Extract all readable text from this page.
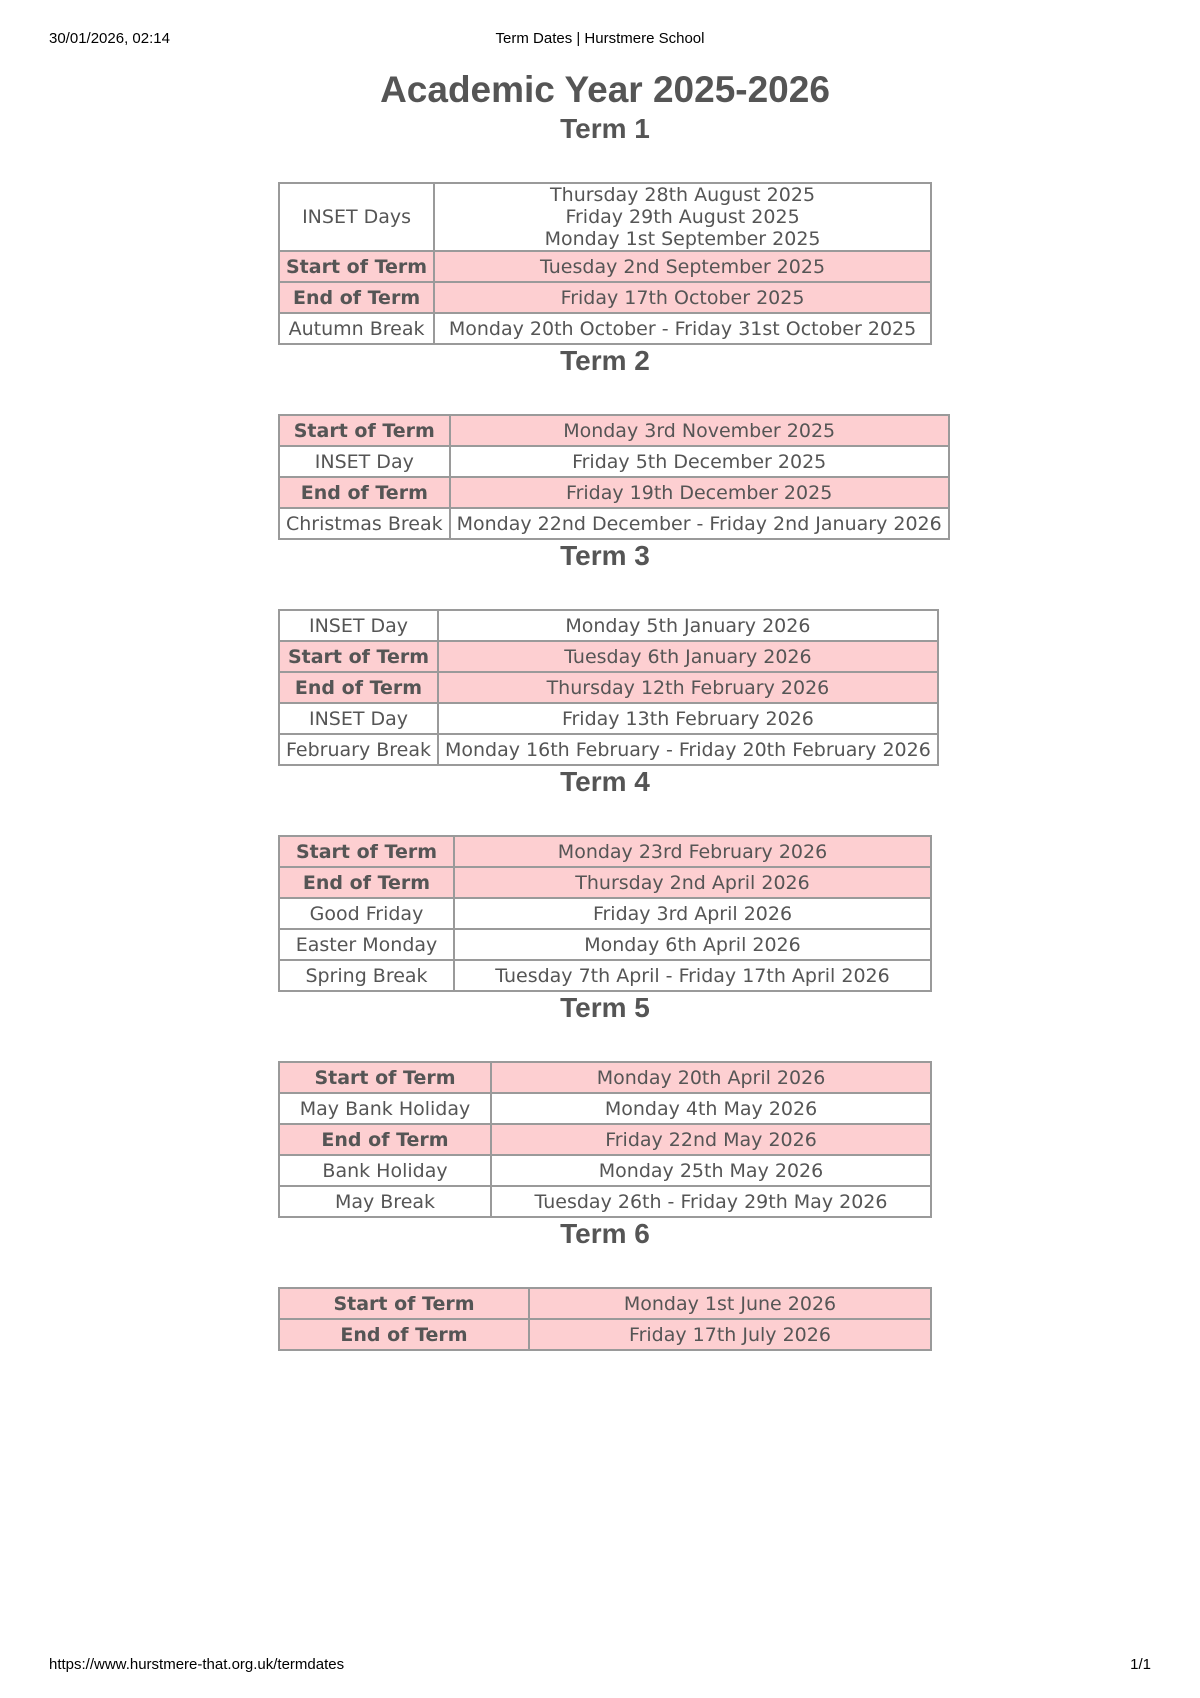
30/01/2026, 02:14	Term Dates | Hurstmere School
Academic Year 2025-2026
Term 1
INSET Days	Thursday 28th August 2025
Friday 29th August 2025
Monday 1st September 2025

Start of Term	Tuesday 2nd September 2025
End of Term	Friday 17th October 2025
Autumn Break	Monday 20th October - Friday 31st October 2025
Term 2
Start of Term	Monday 3rd November 2025
INSET Day	Friday 5th December 2025
End of Term	Friday 19th December 2025
Christmas Break	Monday 22nd December - Friday 2nd January 2026
Term 3
INSET Day	Monday 5th January 2026
Start of Term	Tuesday 6th January 2026
End of Term	Thursday 12th February 2026
INSET Day	Friday 13th February 2026
February Break	Monday 16th February - Friday 20th February 2026
Term 4
Start of Term	Monday 23rd February 2026
End of Term	Thursday 2nd April 2026
Good Friday	Friday 3rd April 2026
Easter Monday	Monday 6th April 2026
Spring Break	Tuesday 7th April - Friday 17th April 2026
Term 5
Start of Term	Monday 20th April 2026
May Bank Holiday	Monday 4th May 2026
End of Term	Friday 22nd May 2026
Bank Holiday	Monday 25th May 2026
May Break	Tuesday 26th - Friday 29th May 2026
Term 6
Start of Term	Monday 1st June 2026
End of Term	Friday 17th July 2026
https://www.hurstmere-that.org.uk/termdates	1/1
